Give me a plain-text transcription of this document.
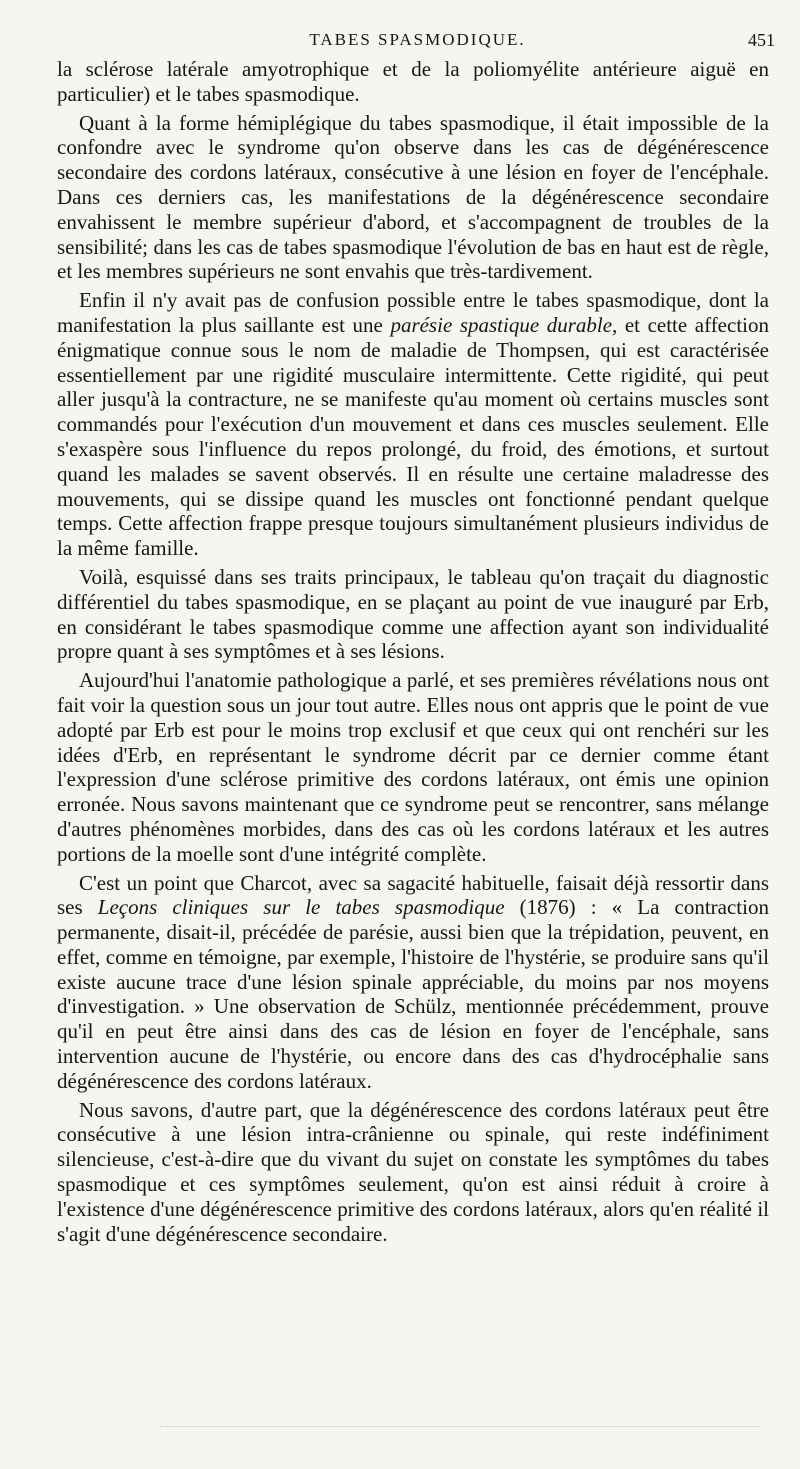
TABES SPASMODIQUE.	451

la sclérose latérale amyotrophique et de la poliomyélite antérieure aiguë en particulier) et le tabes spasmodique.

Quant à la forme hémiplégique du tabes spasmodique, il était impossible de la confondre avec le syndrome qu'on observe dans les cas de dégénérescence secondaire des cordons latéraux, consécutive à une lésion en foyer de l'encéphale. Dans ces derniers cas, les manifestations de la dégénérescence secondaire envahissent le membre supérieur d'abord, et s'accompagnent de troubles de la sensibilité; dans les cas de tabes spasmodique l'évolution de bas en haut est de règle, et les membres supérieurs ne sont envahis que très-tardivement.

Enfin il n'y avait pas de confusion possible entre le tabes spasmodique, dont la manifestation la plus saillante est une parésie spastique durable, et cette affection énigmatique connue sous le nom de maladie de Thompsen, qui est caractérisée essentiellement par une rigidité musculaire intermittente. Cette rigidité, qui peut aller jusqu'à la contracture, ne se manifeste qu'au moment où certains muscles sont commandés pour l'exécution d'un mouvement et dans ces muscles seulement. Elle s'exaspère sous l'influence du repos prolongé, du froid, des émotions, et surtout quand les malades se savent observés. Il en résulte une certaine maladresse des mouvements, qui se dissipe quand les muscles ont fonctionné pendant quelque temps. Cette affection frappe presque toujours simultanément plusieurs individus de la même famille.

Voilà, esquissé dans ses traits principaux, le tableau qu'on traçait du diagnostic différentiel du tabes spasmodique, en se plaçant au point de vue inauguré par Erb, en considérant le tabes spasmodique comme une affection ayant son individualité propre quant à ses symptômes et à ses lésions.

Aujourd'hui l'anatomie pathologique a parlé, et ses premières révélations nous ont fait voir la question sous un jour tout autre. Elles nous ont appris que le point de vue adopté par Erb est pour le moins trop exclusif et que ceux qui ont renchéri sur les idées d'Erb, en représentant le syndrome décrit par ce dernier comme étant l'expression d'une sclérose primitive des cordons latéraux, ont émis une opinion erronée. Nous savons maintenant que ce syndrome peut se rencontrer, sans mélange d'autres phénomènes morbides, dans des cas où les cordons latéraux et les autres portions de la moelle sont d'une intégrité complète.

C'est un point que Charcot, avec sa sagacité habituelle, faisait déjà ressortir dans ses Leçons cliniques sur le tabes spasmodique (1876) : « La contraction permanente, disait-il, précédée de parésie, aussi bien que la trépidation, peuvent, en effet, comme en témoigne, par exemple, l'histoire de l'hystérie, se produire sans qu'il existe aucune trace d'une lésion spinale appréciable, du moins par nos moyens d'investigation. » Une observation de Schülz, mentionnée précédemment, prouve qu'il en peut être ainsi dans des cas de lésion en foyer de l'encéphale, sans intervention aucune de l'hystérie, ou encore dans des cas d'hydrocéphalie sans dégénérescence des cordons latéraux.

Nous savons, d'autre part, que la dégénérescence des cordons latéraux peut être consécutive à une lésion intra-crânienne ou spinale, qui reste indéfiniment silencieuse, c'est-à-dire que du vivant du sujet on constate les symptômes du tabes spasmodique et ces symptômes seulement, qu'on est ainsi réduit à croire à l'existence d'une dégénérescence primitive des cordons latéraux, alors qu'en réalité il s'agit d'une dégénérescence secondaire.
